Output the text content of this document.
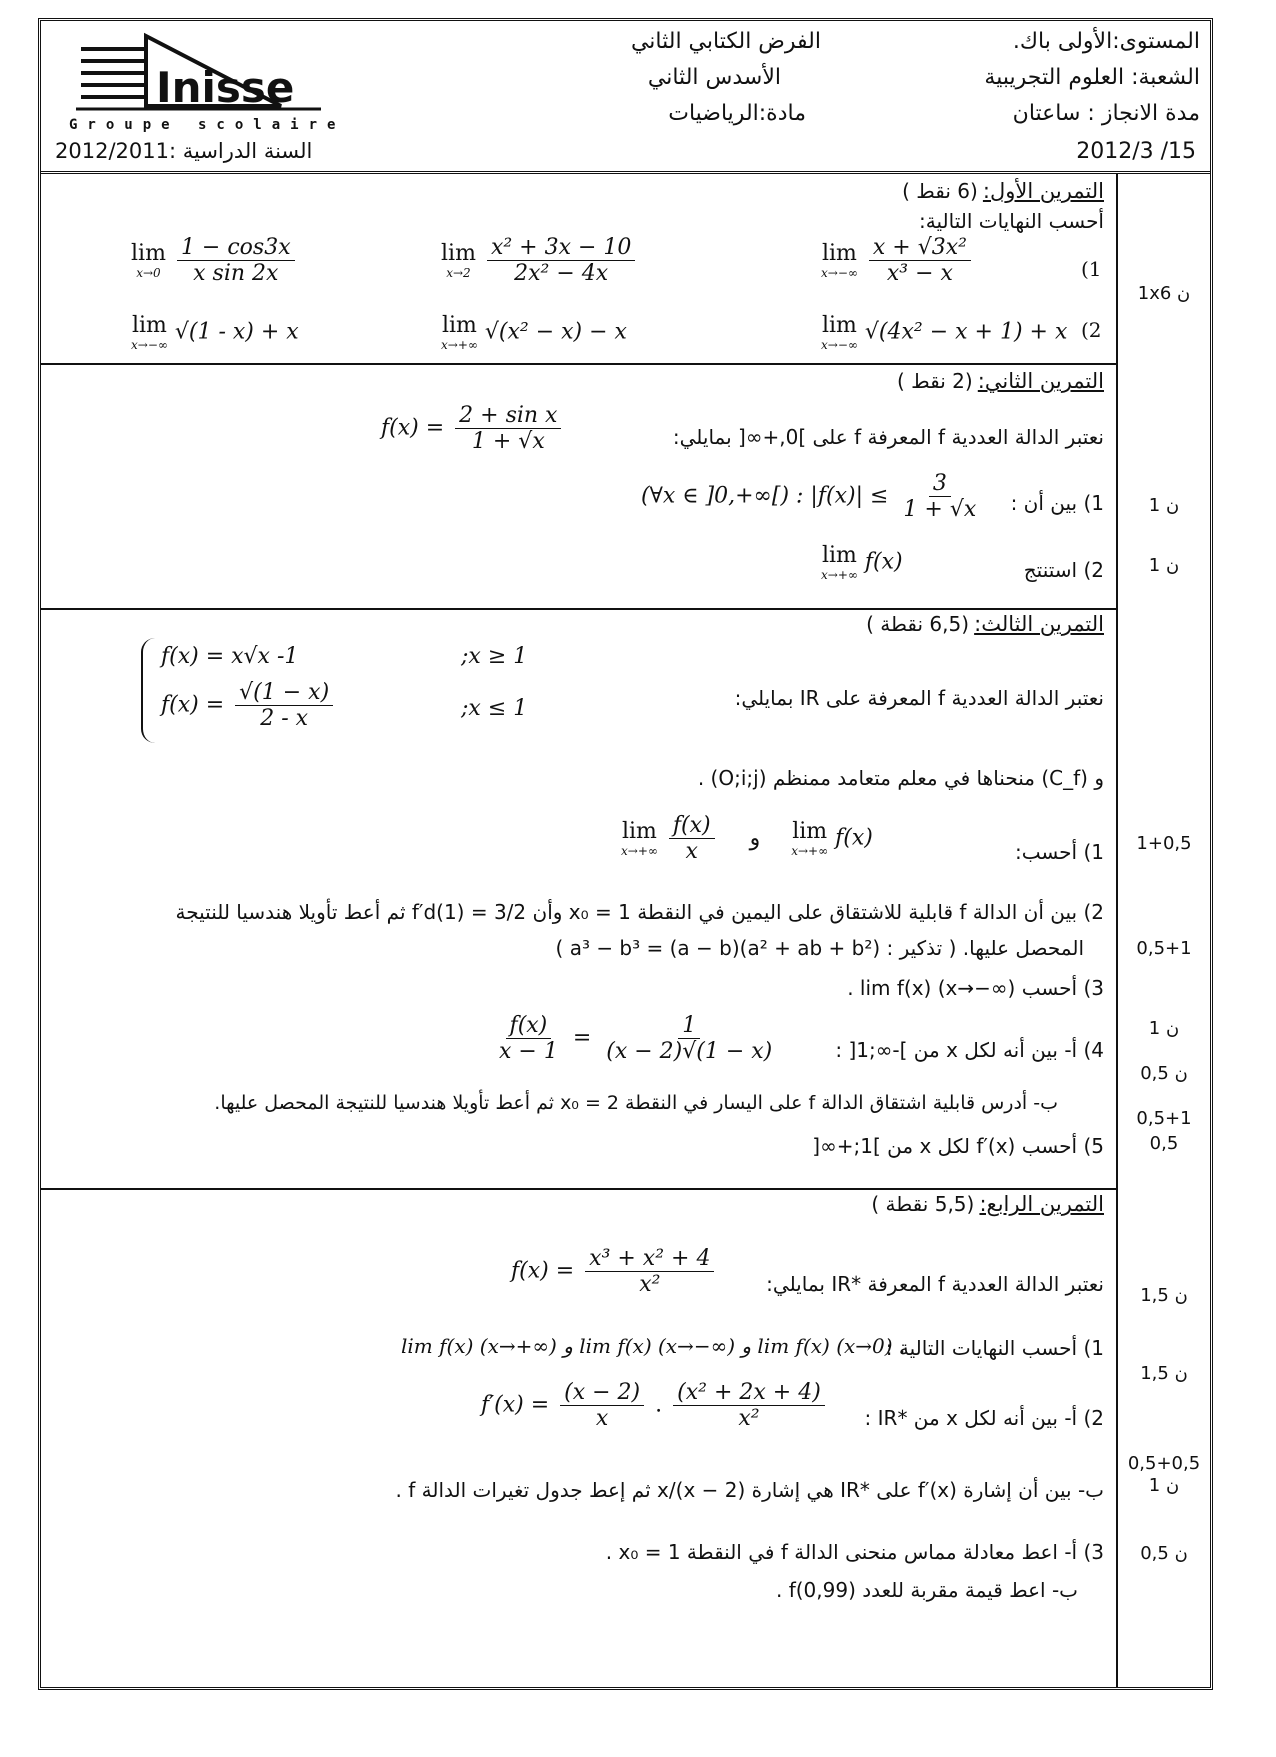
Inisse
Groupe scolaire
السنة الدراسية :2012/2011
الفرض الكتابي الثاني
الأسدس الثاني
مادة:الرياضيات
المستوى:الأولى باك.
الشعبة: العلوم التجريبية
مدة الانجاز : ساعتان
2012/3 /15
التمرين الأول: (6 نقط )
أحسب النهايات التالية:
lim
x→−∞
$\frac{\text{x + √3x²}}{\text{x³ − x}}$	(1
lim
x→2
$\frac{\text{x² + 3x − 10}}{\text{2x² − 4x}}$
lim
x→0
$\frac{1 - \cos 3x}{\text{x sin 2x}}$
lim
x→−∞
√(4x² − x + 1) + x (2
lim
x→+∞
√(x² − x) − x
lim
x→−∞
√(1 - x) + x
1x6 ن
التمرين الثاني: (2 نقط )
نعتبر الدالة العددية f المعرفة f على ]0,+∞[ بمايلي:
$f(x) = \frac{\text{2 + sin x}}{1 + √x}$
1) بين أن :
(∀x ∈ ]0,+∞[) : $|f(x)| \le \frac{3}{1 + √x}$
2) استنتج
lim
x→+∞
f(x)
1 ن
1 ن
التمرين الثالث: (6,5 نقطة )
نعتبر الدالة العددية f المعرفة على IR بمايلي:
f(x) = x√x -1	;x ≥ 1
$f(x) = \frac{√(1 - x)}{2 - x}$	;x ≤ 1
و (C_f) منحناها في معلم متعامد ممنظم (O;i;j) .
1) أحسب:
lim
x→+∞
$\frac{f(x)}{x}$ و lim
x→+∞
f(x)
2) بين أن الدالة f قابلية للاشتقاق على اليمين في النقطة x₀ = 1 وأن f′d(1) = 3/2 ثم أعط تأويلا هندسيا للنتيجة
المحصل عليها. ( تذكير : a³ − b³ = (a − b)(a² + ab + b²) )
3) أحسب lim f(x) (x→−∞) .
4) أ- بين أنه لكل x من ]-∞;1[ :
$\frac{f(x)}{x - 1} = \frac{1}{(x - 2)√(1 - x)}$
ب- أدرس قابلية اشتقاق الدالة f على اليسار في النقطة x₀ = 2 ثم أعط تأويلا هندسيا للنتيجة المحصل عليها.
5) أحسب f′(x) لكل x من ]1;+∞[
1+0,5
0,5+1
1 ن
0,5 ن
0,5+1
0,5
التمرين الرابع: (5,5 نقطة )
نعتبر الدالة العددية f المعرفة *IR بمايلي:
$f(x) = \frac{\text{x³ + x² + 4}}{\text{x²}}$
1) أحسب النهايات التالية :
lim f(x) (x→+∞) و lim f(x) (x→−∞) و lim f(x) (x→0) .
2) أ- بين أنه لكل x من *IR :
$f'(x) = \frac{(x - 2)}{x}$ . $\frac{\text{(x² + 2x + 4)}}{\text{x²}}$
ب- بين أن إشارة f′(x) على *IR هي إشارة (x − 2)/x ثم إعط جدول تغيرات الدالة f .
3) أ- اعط معادلة مماس منحنى الدالة f في النقطة x₀ = 1 .
ب- اعط قيمة مقربة للعدد f(0,99) .
1,5 ن
1,5 ن
0,5+0,5
1 ن
0,5 ن
